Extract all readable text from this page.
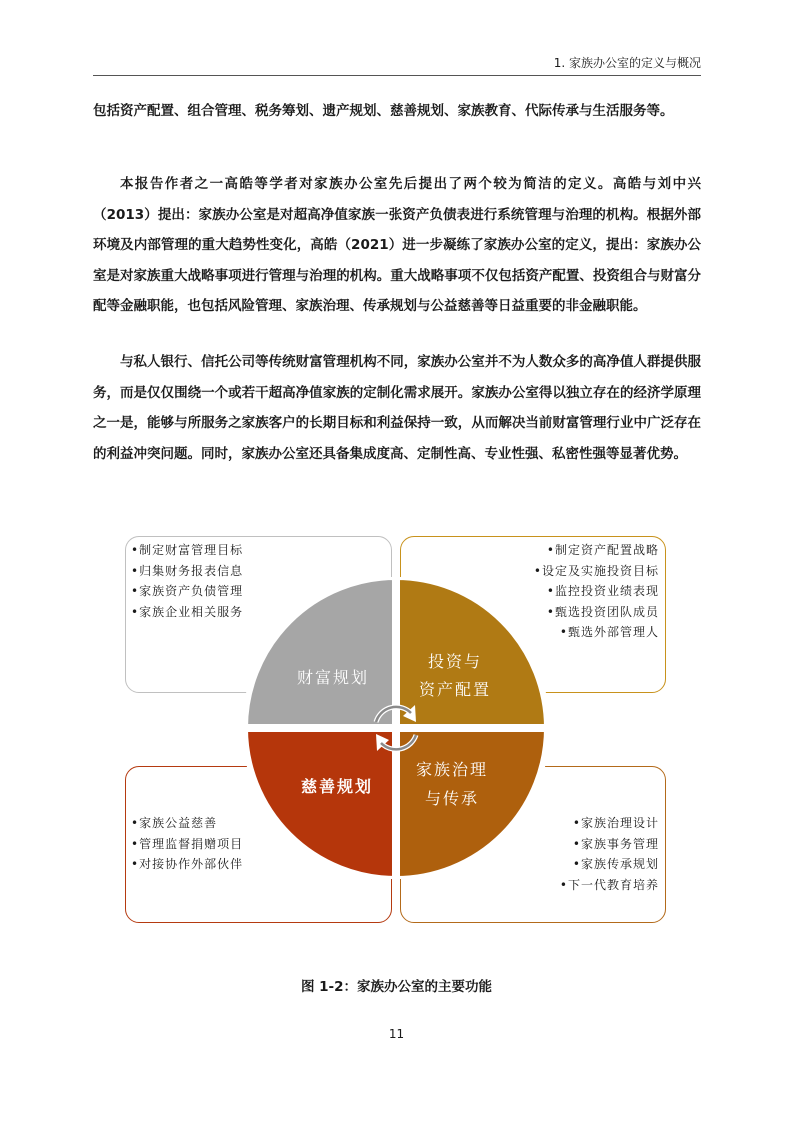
1. 家族办公室的定义与概况

包括资产配置、组合管理、税务筹划、遗产规划、慈善规划、家族教育、代际传承与生活服务等。

本报告作者之一高皓等学者对家族办公室先后提出了两个较为简洁的定义。高皓与刘中兴（2013）提出：家族办公室是对超高净值家族一张资产负债表进行系统管理与治理的机构。根据外部环境及内部管理的重大趋势性变化，高皓（2021）进一步凝练了家族办公室的定义，提出：家族办公室是对家族重大战略事项进行管理与治理的机构。重大战略事项不仅包括资产配置、投资组合与财富分配等金融职能，也包括风险管理、家族治理、传承规划与公益慈善等日益重要的非金融职能。

与私人银行、信托公司等传统财富管理机构不同，家族办公室并不为人数众多的高净值人群提供服务，而是仅仅围绕一个或若干超高净值家族的定制化需求展开。家族办公室得以独立存在的经济学原理之一是，能够与所服务之家族客户的长期目标和利益保持一致，从而解决当前财富管理行业中广泛存在的利益冲突问题。同时，家族办公室还具备集成度高、定制性高、专业性强、私密性强等显著优势。

•制定财富管理目标
•归集财务报表信息
•家族资产负债管理
•家族企业相关服务
•制定资产配置战略
•设定及实施投资目标
•监控投资业绩表现
•甄选投资团队成员
•甄选外部管理人
•家族公益慈善
•管理监督捐赠项目
•对接协作外部伙伴
•家族治理设计
•家族事务管理
•家族传承规划
•下一代教育培养
财富规划
投资与
资产配置
慈善规划
家族治理
与传承
图 1-2：家族办公室的主要功能
11
